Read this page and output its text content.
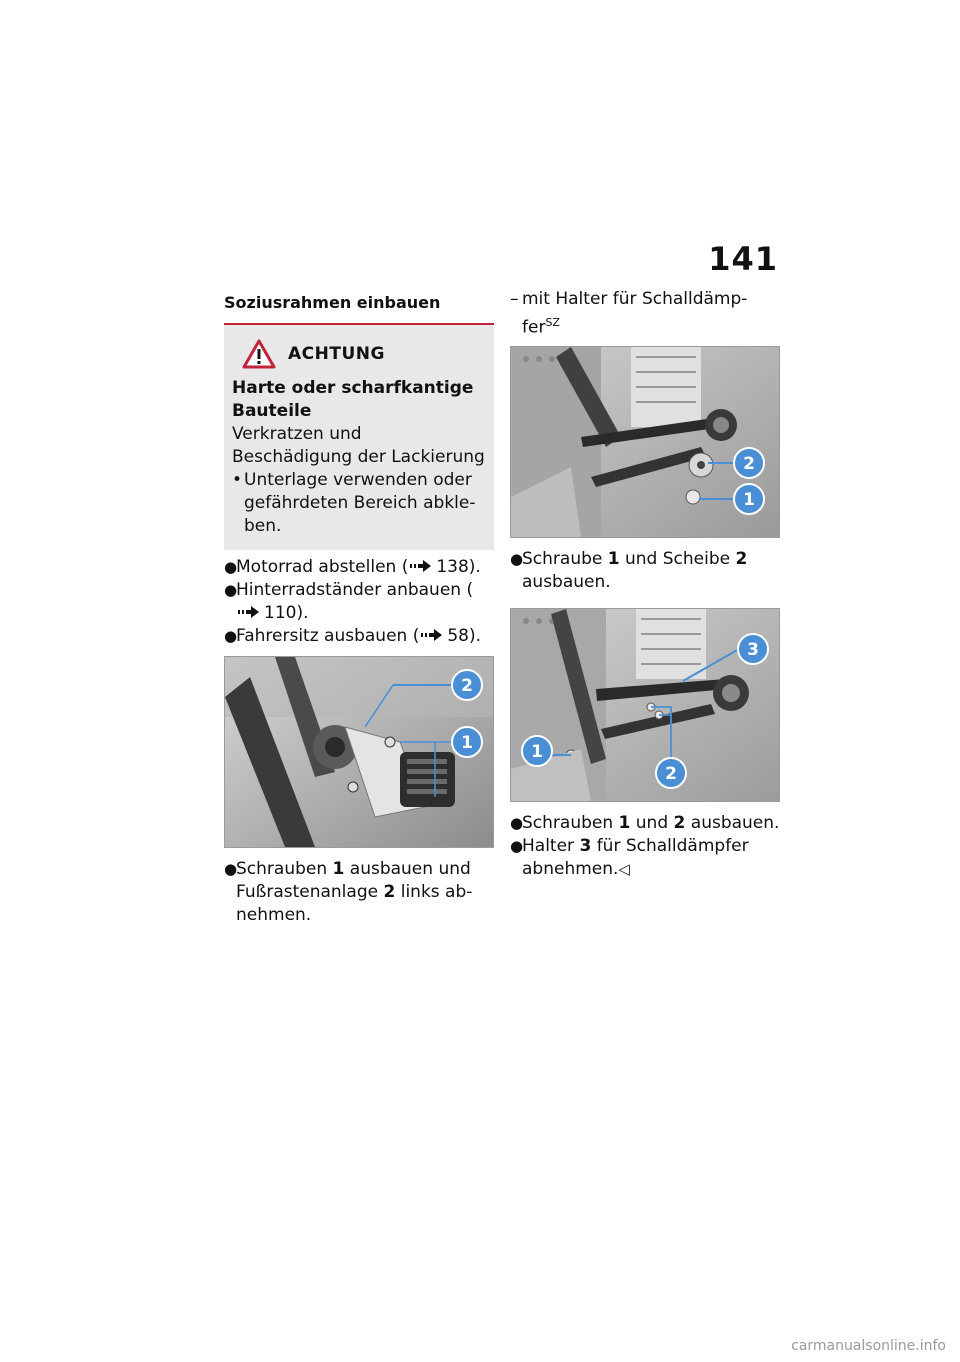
141
Soziusrahmen einbauen
ACHTUNG
Harte oder scharfkantige Bauteile
Verkratzen und Beschädigung der Lackierung
• Unterlage verwenden oder gefährdeten Bereich abkle-ben.
●
Motorrad abstellen ( 138).
●
Hinterradständer anbauen (110).
●
Fahrersitz ausbauen ( 58).
2
1
●
Schrauben 1 ausbauen und Fußrastenanlage 2 links ab-nehmen.
– mit Halter für Schalldämp-fer$^{SZ}$
2
1
●
Schraube 1 und Scheibe 2 ausbauen.
3
1
2
●
Schrauben 1 und 2 ausbauen.
●
Halter 3 für Schalldämpfer abnehmen.◁
carmanualsonline.info
